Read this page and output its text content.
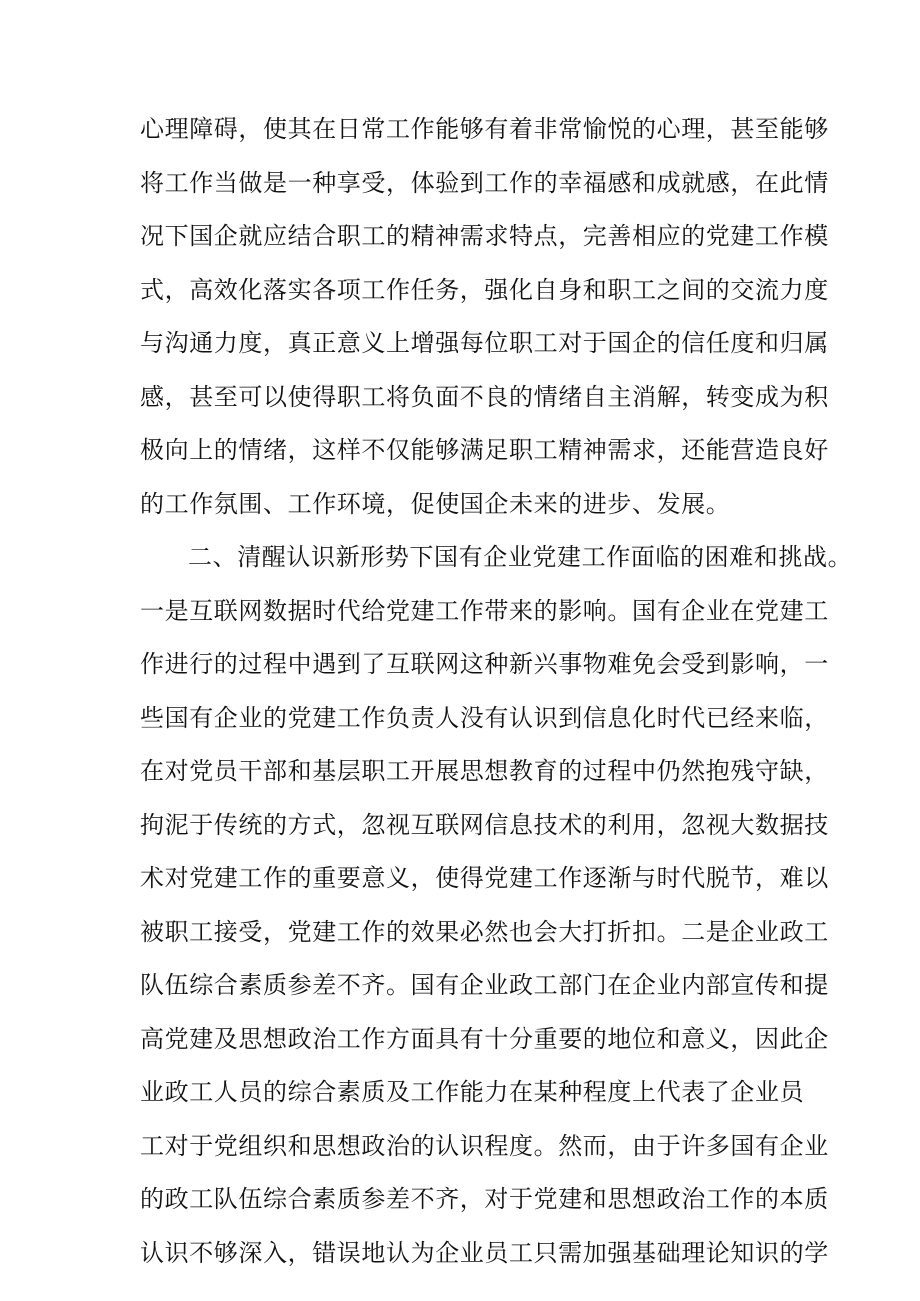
心理障碍，使其在日常工作能够有着非常愉悦的心理，甚至能够
将工作当做是一种享受，体验到工作的幸福感和成就感，在此情
况下国企就应结合职工的精神需求特点，完善相应的党建工作模
式，高效化落实各项工作任务，强化自身和职工之间的交流力度
与沟通力度，真正意义上增强每位职工对于国企的信任度和归属
感，甚至可以使得职工将负面不良的情绪自主消解，转变成为积
极向上的情绪，这样不仅能够满足职工精神需求，还能营造良好
的工作氛围、工作环境，促使国企未来的进步、发展。
二、清醒认识新形势下国有企业党建工作面临的困难和挑战。
一是互联网数据时代给党建工作带来的影响。国有企业在党建工
作进行的过程中遇到了互联网这种新兴事物难免会受到影响，一
些国有企业的党建工作负责人没有认识到信息化时代已经来临，
在对党员干部和基层职工开展思想教育的过程中仍然抱残守缺，
拘泥于传统的方式，忽视互联网信息技术的利用，忽视大数据技
术对党建工作的重要意义，使得党建工作逐渐与时代脱节，难以
被职工接受，党建工作的效果必然也会大打折扣。二是企业政工
队伍综合素质参差不齐。国有企业政工部门在企业内部宣传和提
高党建及思想政治工作方面具有十分重要的地位和意义，因此企
业政工人员的综合素质及工作能力在某种程度上代表了企业员
工对于党组织和思想政治的认识程度。然而，由于许多国有企业
的政工队伍综合素质参差不齐，对于党建和思想政治工作的本质
认识不够深入，错误地认为企业员工只需加强基础理论知识的学
